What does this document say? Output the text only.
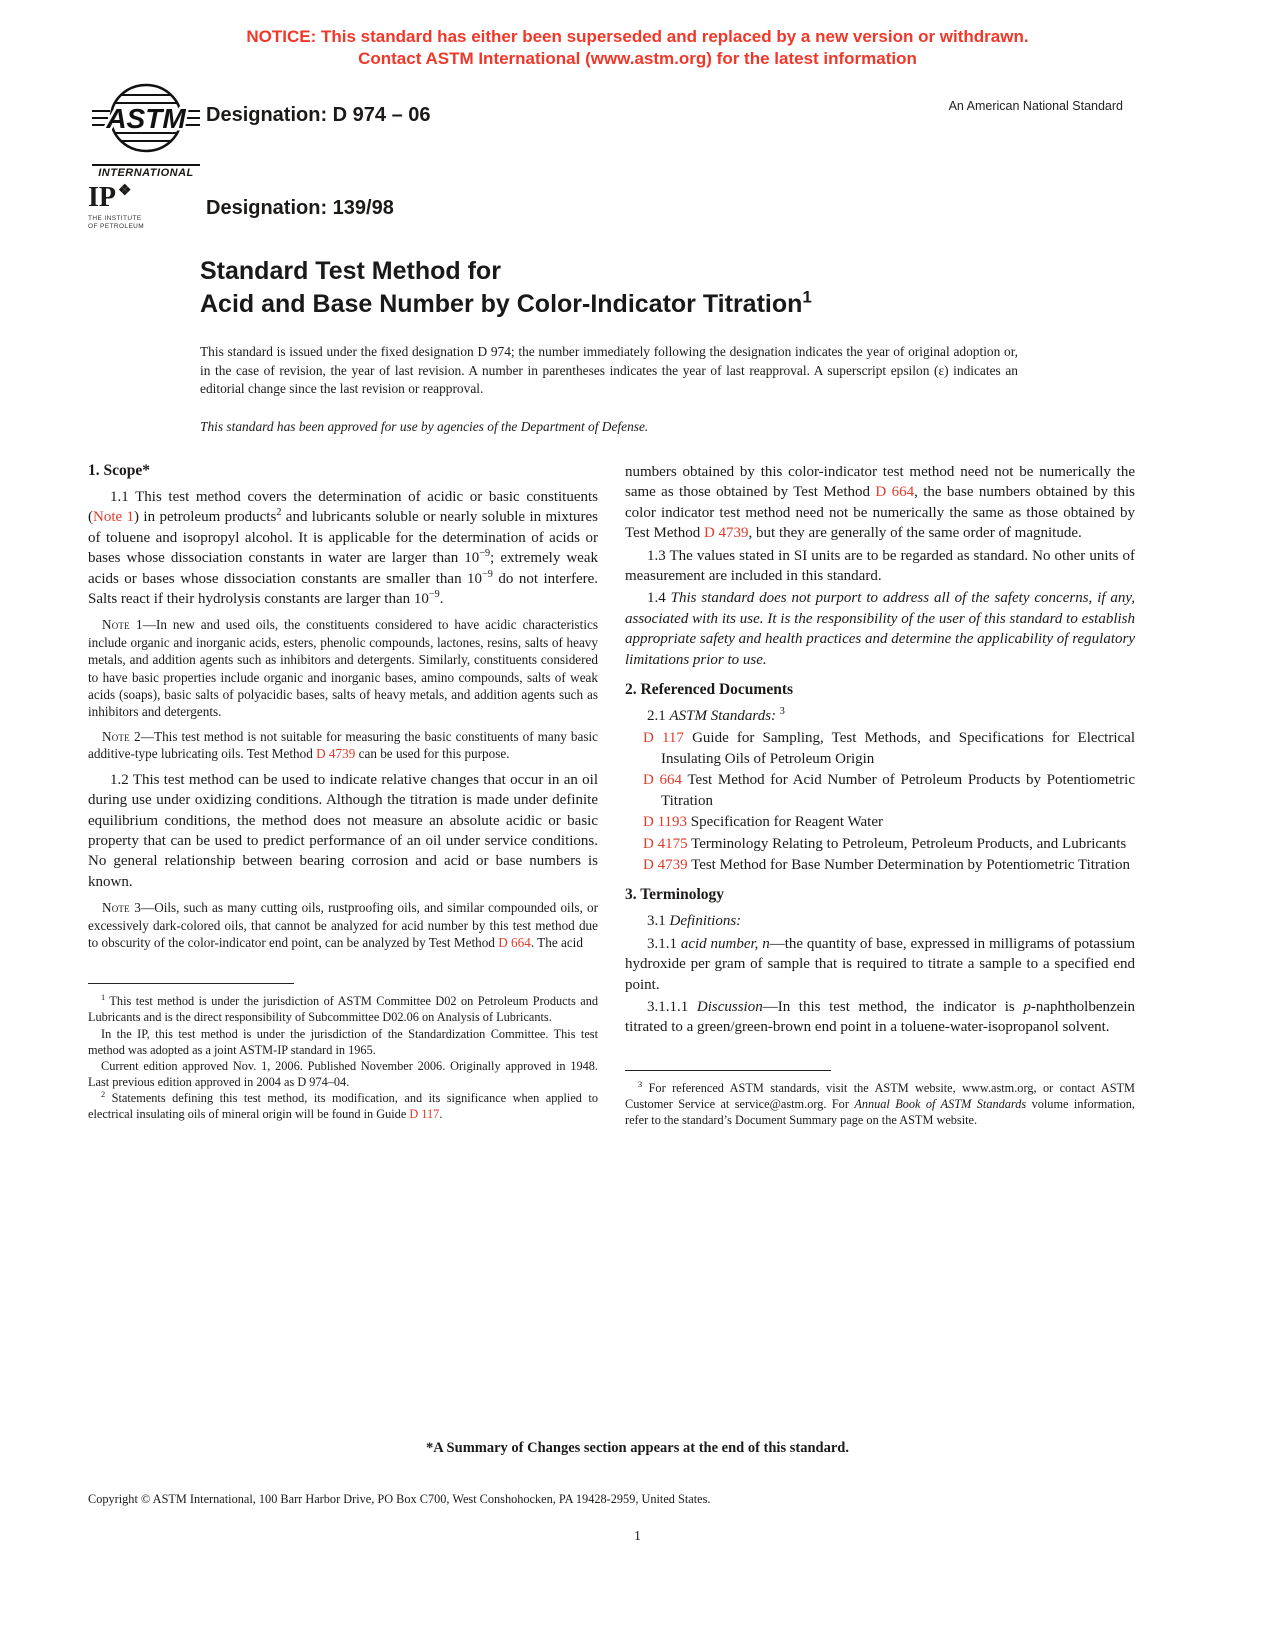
NOTICE: This standard has either been superseded and replaced by a new version or withdrawn.
Contact ASTM International (www.astm.org) for the latest information
ASTM
INTERNATIONAL
Designation: D 974 – 06	An American National Standard
IP ❖
THE INSTITUTE
OF PETROLEUM
Designation: 139/98
Standard Test Method for
Acid and Base Number by Color-Indicator Titration$^1$

This standard is issued under the fixed designation D 974; the number immediately following the designation indicates the year of original adoption or, in the case of revision, the year of last revision. A number in parentheses indicates the year of last reapproval. A superscript epsilon (ε) indicates an editorial change since the last revision or reapproval.

This standard has been approved for use by agencies of the Department of Defense.

1. Scope*

1.1 This test method covers the determination of acidic or basic constituents (Note 1) in petroleum products$^2$ and lubricants soluble or nearly soluble in mixtures of toluene and isopropyl alcohol. It is applicable for the determination of acids or bases whose dissociation constants in water are larger than $10^{-9}$; extremely weak acids or bases whose dissociation constants are smaller than $10^{-9}$ do not interfere. Salts react if their hydrolysis constants are larger than $10^{-9}$.

Note 1—In new and used oils, the constituents considered to have acidic characteristics include organic and inorganic acids, esters, phenolic compounds, lactones, resins, salts of heavy metals, and addition agents such as inhibitors and detergents. Similarly, constituents considered to have basic properties include organic and inorganic bases, amino compounds, salts of weak acids (soaps), basic salts of polyacidic bases, salts of heavy metals, and addition agents such as inhibitors and detergents.

Note 2—This test method is not suitable for measuring the basic constituents of many basic additive-type lubricating oils. Test Method D 4739 can be used for this purpose.

1.2 This test method can be used to indicate relative changes that occur in an oil during use under oxidizing conditions. Although the titration is made under definite equilibrium conditions, the method does not measure an absolute acidic or basic property that can be used to predict performance of an oil under service conditions. No general relationship between bearing corrosion and acid or base numbers is known.

Note 3—Oils, such as many cutting oils, rustproofing oils, and similar compounded oils, or excessively dark-colored oils, that cannot be analyzed for acid number by this test method due to obscurity of the color-indicator end point, can be analyzed by Test Method D 664. The acid

$^1$ This test method is under the jurisdiction of ASTM Committee D02 on Petroleum Products and Lubricants and is the direct responsibility of Subcommittee D02.06 on Analysis of Lubricants.

In the IP, this test method is under the jurisdiction of the Standardization Committee. This test method was adopted as a joint ASTM-IP standard in 1965.

Current edition approved Nov. 1, 2006. Published November 2006. Originally approved in 1948. Last previous edition approved in 2004 as D 974–04.

$^2$ Statements defining this test method, its modification, and its significance when applied to electrical insulating oils of mineral origin will be found in Guide D 117.

numbers obtained by this color-indicator test method need not be numerically the same as those obtained by Test Method D 664, the base numbers obtained by this color indicator test method need not be numerically the same as those obtained by Test Method D 4739, but they are generally of the same order of magnitude.

1.3 The values stated in SI units are to be regarded as standard. No other units of measurement are included in this standard.

1.4 This standard does not purport to address all of the safety concerns, if any, associated with its use. It is the responsibility of the user of this standard to establish appropriate safety and health practices and determine the applicability of regulatory limitations prior to use.

2. Referenced Documents

2.1 ASTM Standards: $^3$

D 117 Guide for Sampling, Test Methods, and Specifications for Electrical Insulating Oils of Petroleum Origin

D 664 Test Method for Acid Number of Petroleum Products by Potentiometric Titration

D 1193 Specification for Reagent Water

D 4175 Terminology Relating to Petroleum, Petroleum Products, and Lubricants

D 4739 Test Method for Base Number Determination by Potentiometric Titration

3. Terminology

3.1 Definitions:

3.1.1 acid number, n—the quantity of base, expressed in milligrams of potassium hydroxide per gram of sample that is required to titrate a sample to a specified end point.

3.1.1.1 Discussion—In this test method, the indicator is p-naphtholbenzein titrated to a green/green-brown end point in a toluene-water-isopropanol solvent.

$^3$ For referenced ASTM standards, visit the ASTM website, www.astm.org, or contact ASTM Customer Service at service@astm.org. For Annual Book of ASTM Standards volume information, refer to the standard’s Document Summary page on the ASTM website.

*A Summary of Changes section appears at the end of this standard.

Copyright © ASTM International, 100 Barr Harbor Drive, PO Box C700, West Conshohocken, PA 19428-2959, United States.

1
